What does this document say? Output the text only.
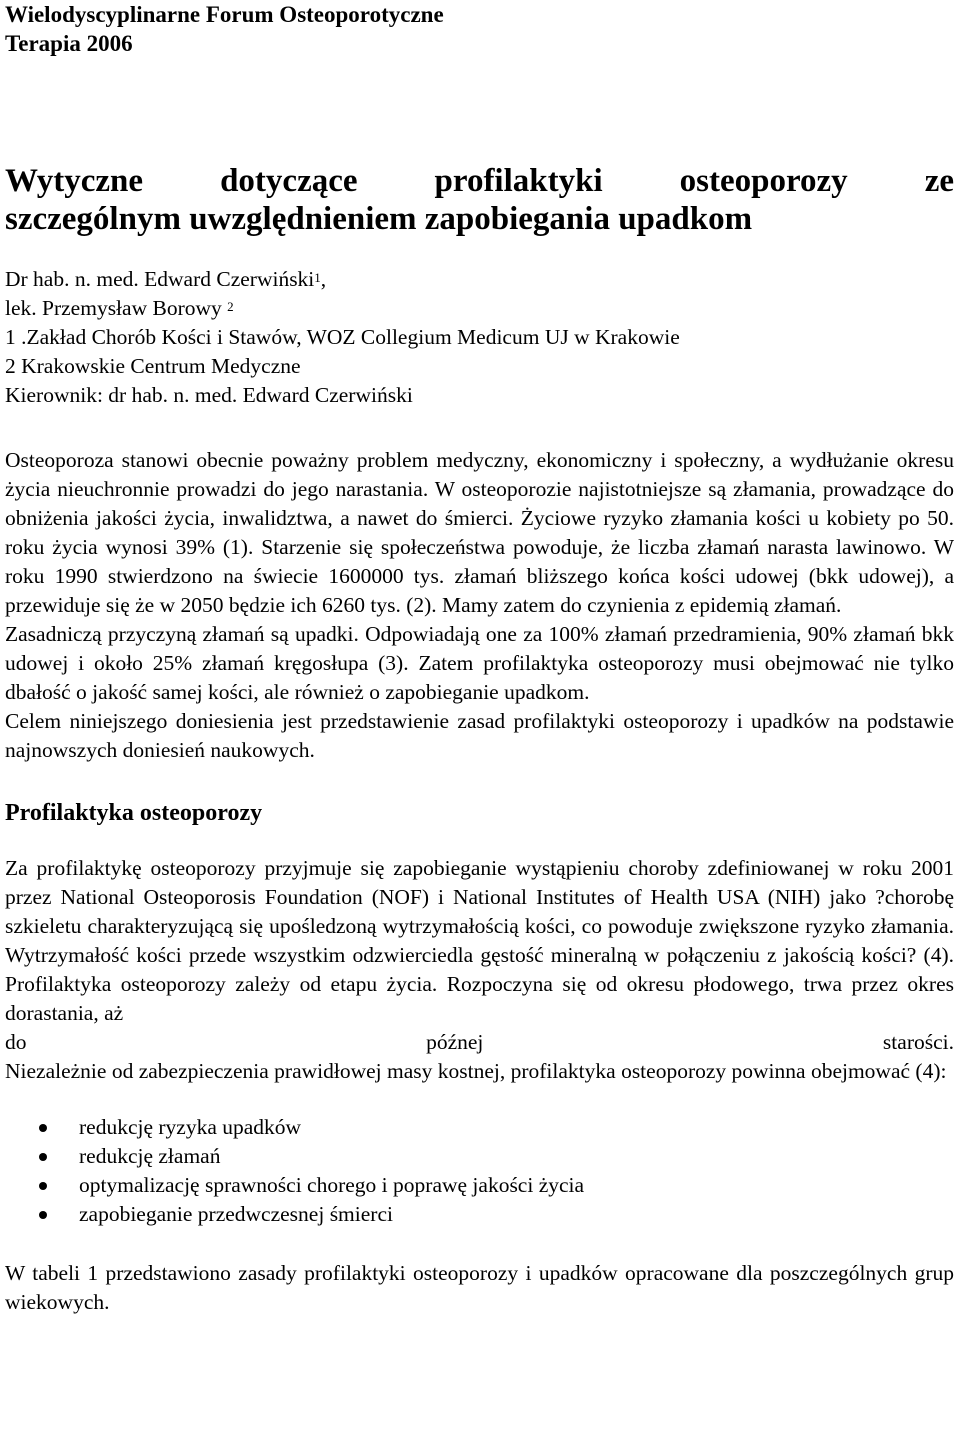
Wielodyscyplinarne Forum Osteoporotyczne

Terapia 2006

Wytyczne dotyczące profilaktyki osteoporozy ze
szczególnym uwzględnieniem zapobiegania upadkom
Dr hab. n. med. Edward Czerwiński$^1$,
lek. Przemysław Borowy $^2$
1 .Zakład Chorób Kości i Stawów, WOZ Collegium Medicum UJ w Krakowie
2 Krakowskie Centrum Medyczne
Kierownik: dr hab. n. med. Edward Czerwiński

Osteoporoza stanowi obecnie poważny problem medyczny, ekonomiczny i społeczny, a wydłużanie okresu życia nieuchronnie prowadzi do jego narastania. W osteoporozie najistotniejsze są złamania, prowadzące do obniżenia jakości życia, inwalidztwa, a nawet do śmierci. Życiowe ryzyko złamania kości u kobiety po 50. roku życia wynosi 39% (1). Starzenie się społeczeństwa powoduje, że liczba złamań narasta lawinowo. W roku 1990 stwierdzono na świecie 1600000 tys. złamań bliższego końca kości udowej (bkk udowej), a przewiduje się że w 2050 będzie ich 6260 tys. (2). Mamy zatem do czynienia z epidemią złamań.

Zasadniczą przyczyną złamań są upadki. Odpowiadają one za 100% złamań przedramienia, 90% złamań bkk udowej i około 25% złamań kręgosłupa (3). Zatem profilaktyka osteoporozy musi obejmować nie tylko dbałość o jakość samej kości, ale również o zapobieganie upadkom.

Celem niniejszego doniesienia jest przedstawienie zasad profilaktyki osteoporozy i upadków na podstawie najnowszych doniesień naukowych.

Profilaktyka osteoporozy

Za profilaktykę osteoporozy przyjmuje się zapobieganie wystąpieniu choroby zdefiniowanej w roku 2001 przez National Osteoporosis Foundation (NOF) i National Institutes of Health USA (NIH) jako ?chorobę szkieletu charakteryzującą się upośledzoną wytrzymałością kości, co powoduje zwiększone ryzyko złamania. Wytrzymałość kości przede wszystkim odzwierciedla gęstość mineralną w połączeniu z jakością kości? (4). Profilaktyka osteoporozy zależy od etapu życia. Rozpoczyna się od okresu płodowego, trwa przez okres dorastania, aż
do późnej starości.

Niezależnie od zabezpieczenia prawidłowej masy kostnej, profilaktyka osteoporozy powinna obejmować (4):

redukcję ryzyka upadków
redukcję złamań
optymalizację sprawności chorego i poprawę jakości życia
zapobieganie przedwczesnej śmierci

W tabeli 1 przedstawiono zasady profilaktyki osteoporozy i upadków opracowane dla poszczególnych grup wiekowych.
